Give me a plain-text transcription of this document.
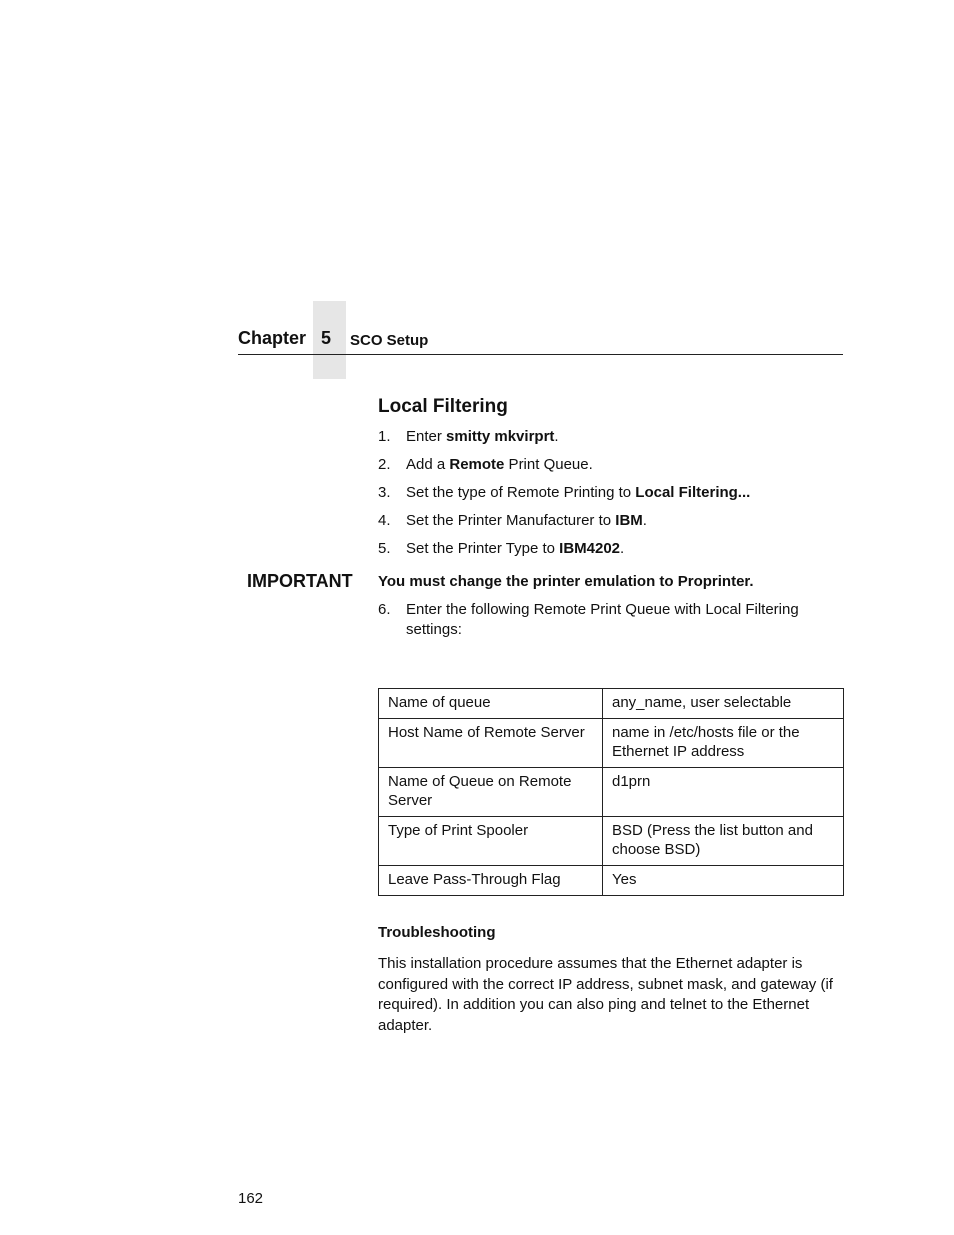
Chapter 5 SCO Setup
Local Filtering
1. Enter smitty mkvirprt.
2. Add a Remote Print Queue.
3. Set the type of Remote Printing to Local Filtering...
4. Set the Printer Manufacturer to IBM.
5. Set the Printer Type to IBM4202.
IMPORTANT You must change the printer emulation to Proprinter.
6. Enter the following Remote Print Queue with Local Filtering settings:
Name of queue	any_name, user selectable
Host Name of Remote Server	name in /etc/hosts file or the Ethernet IP address
Name of Queue on Remote Server	d1prn
Type of Print Spooler	BSD (Press the list button and choose BSD)
Leave Pass-Through Flag	Yes
Troubleshooting
This installation procedure assumes that the Ethernet adapter is configured with the correct IP address, subnet mask, and gateway (if required). In addition you can also ping and telnet to the Ethernet adapter.
162
